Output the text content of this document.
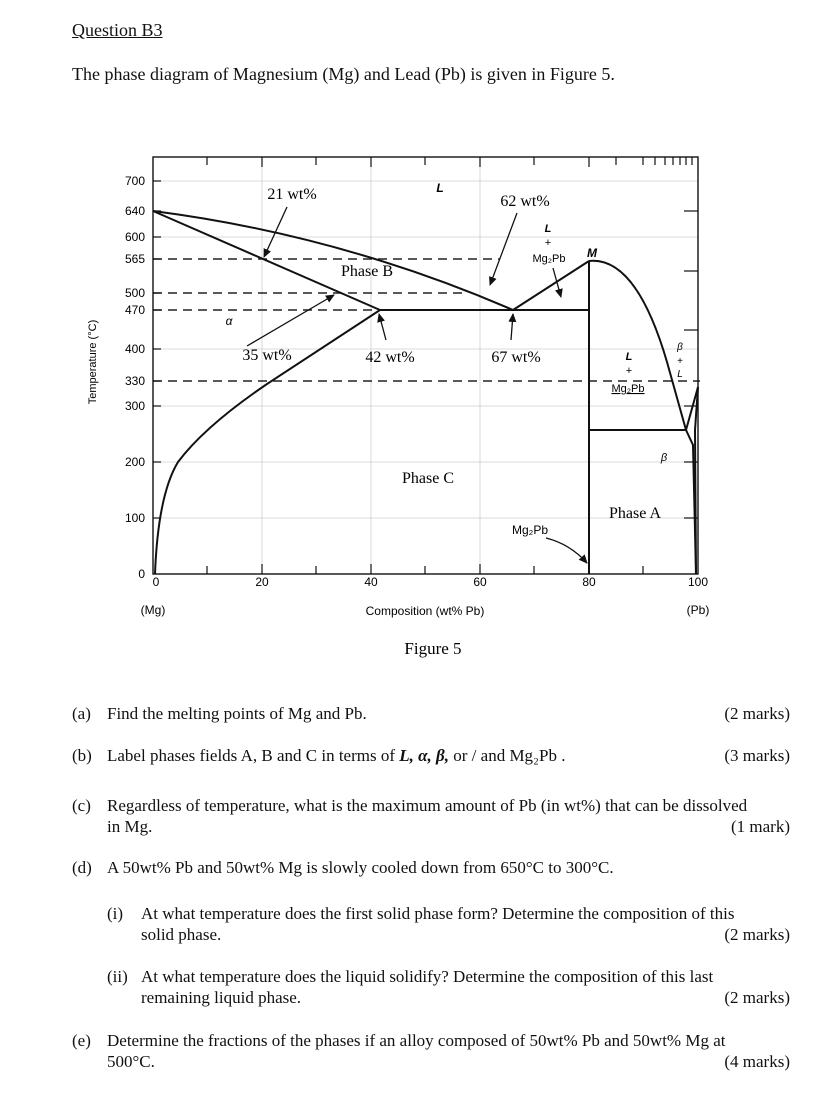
Question B3
The phase diagram of Magnesium (Mg) and Lead (Pb) is given in Figure 5.
700
640
600
565
500
470
400
330
300
200
100
0
0	20	40	60	80	100
Temperature (°C)
Composition (wt% Pb)
(Mg)	(Pb)
Figure 5
21 wt%
35 wt%	42 wt%
62 wt%
67 wt%
Phase B
Phase C
Phase A
L
L
+
Mg₂Pb M
α
L
+
Mg₂Pb
β
+
L
β
Mg₂Pb
(a) Find the melting points of Mg and Pb.	(2 marks)
(b) Label phases fields A, B and C in terms of L, α, β, or / and Mg₂Pb .	(3 marks)
(c) Regardless of temperature, what is the maximum amount of Pb (in wt%) that can be dissolved
in Mg.	(1 mark)
(d) A 50wt% Pb and 50wt% Mg is slowly cooled down from 650°C to 300°C.
(i) At what temperature does the first solid phase form? Determine the composition of this
solid phase.	(2 marks)
(ii) At what temperature does the liquid solidify? Determine the composition of this last
remaining liquid phase.	(2 marks)
(e) Determine the fractions of the phases if an alloy composed of 50wt% Pb and 50wt% Mg at
500°C.	(4 marks)
